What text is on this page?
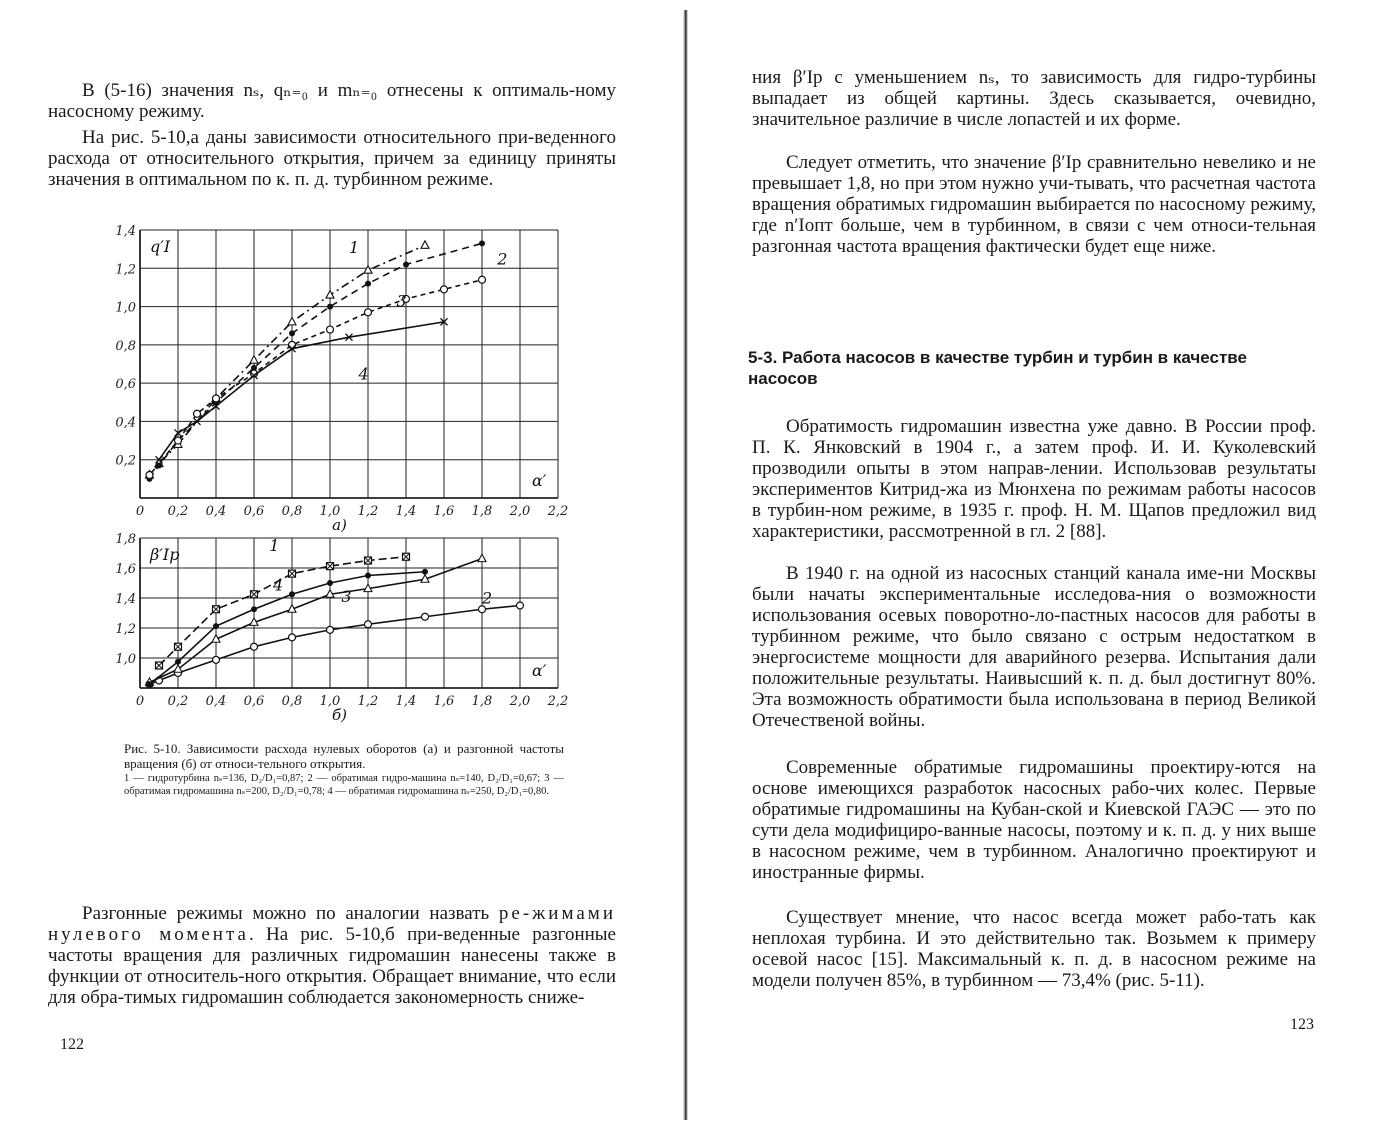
В (5-16) значения nₛ, qₙ₌₀ и mₙ₌₀ отнесены к оптималь-ному насосному режиму.

На рис. 5-10,а даны зависимости относительного при-веденного расхода от относительного открытия, причем за единицу приняты значения в оптимальном по к. п. д. турбинном режиме.

0 0,2 0,4 0,6 0,8 1,0 1,2 1,4 1,6 1,8 2,0 2,2
0,2
0,4
0,6
0,8
1,0
1,2
1,4
q′I
α′
а)
1
2
3
4
0 0,2 0,4 0,6 0,8 1,0 1,2 1,4 1,6 1,8 2,0 2,2
1,0
1,2
1,4
1,6
1,8
β′Iр
α′
б)
1
2
3
4
Рис. 5-10. Зависимости расхода нулевых оборотов (а) и разгонной частоты вращения (б) от относи-тельного открытия.
1 — гидротурбина nₛ=136, D₂/D₁=0,87; 2 — обратимая гидро-машина nₛ=140, D₂/D₁=0,67; 3 — обратимая гидромашина nₛ=200, D₂/D₁=0,78; 4 — обратимая гидромашина nₛ=250, D₂/D₁=0,80.

Разгонные режимы можно по аналогии назвать ре-жимами нулевого момента. На рис. 5-10,б при-веденные разгонные частоты вращения для различных гидромашин нанесены также в функции от относитель-ного открытия. Обращает внимание, что если для обра-тимых гидромашин соблюдается закономерность сниже-

122

ния β′Iр с уменьшением nₛ, то зависимость для гидро-турбины выпадает из общей картины. Здесь сказывается, очевидно, значительное различие в числе лопастей и их форме.

Следует отметить, что значение β′Iр сравнительно невелико и не превышает 1,8, но при этом нужно учи-тывать, что расчетная частота вращения обратимых гидромашин выбирается по насосному режиму, где n′Iопт больше, чем в турбинном, в связи с чем относи-тельная разгонная частота вращения фактически будет еще ниже.

5-3. Работа насосов в качестве турбин и турбин в качестве насосов

Обратимость гидромашин известна уже давно. В России проф. П. К. Янковский в 1904 г., а затем проф. И. И. Куколевский прозводили опыты в этом направ-лении. Использовав результаты экспериментов Китрид-жа из Мюнхена по режимам работы насосов в турбин-ном режиме, в 1935 г. проф. Н. М. Щапов предложил вид характеристики, рассмотренной в гл. 2 [88].

В 1940 г. на одной из насосных станций канала име-ни Москвы были начаты экспериментальные исследова-ния о возможности использования осевых поворотно-ло-пастных насосов для работы в турбинном режиме, что было связано с острым недостатком в энергосистеме мощности для аварийного резерва. Испытания дали положительные результаты. Наивысший к. п. д. был достигнут 80%. Эта возможность обратимости была использована в период Великой Отечественой войны.

Современные обратимые гидромашины проектиру-ются на основе имеющихся разработок насосных рабо-чих колес. Первые обратимые гидромашины на Кубан-ской и Киевской ГАЭС — это по сути дела модифициро-ванные насосы, поэтому и к. п. д. у них выше в насосном режиме, чем в турбинном. Аналогично проектируют и иностранные фирмы.

Существует мнение, что насос всегда может рабо-тать как неплохая турбина. И это действительно так. Возьмем к примеру осевой насос [15]. Максимальный к. п. д. в насосном режиме на модели получен 85%, в турбинном — 73,4% (рис. 5-11).

123
